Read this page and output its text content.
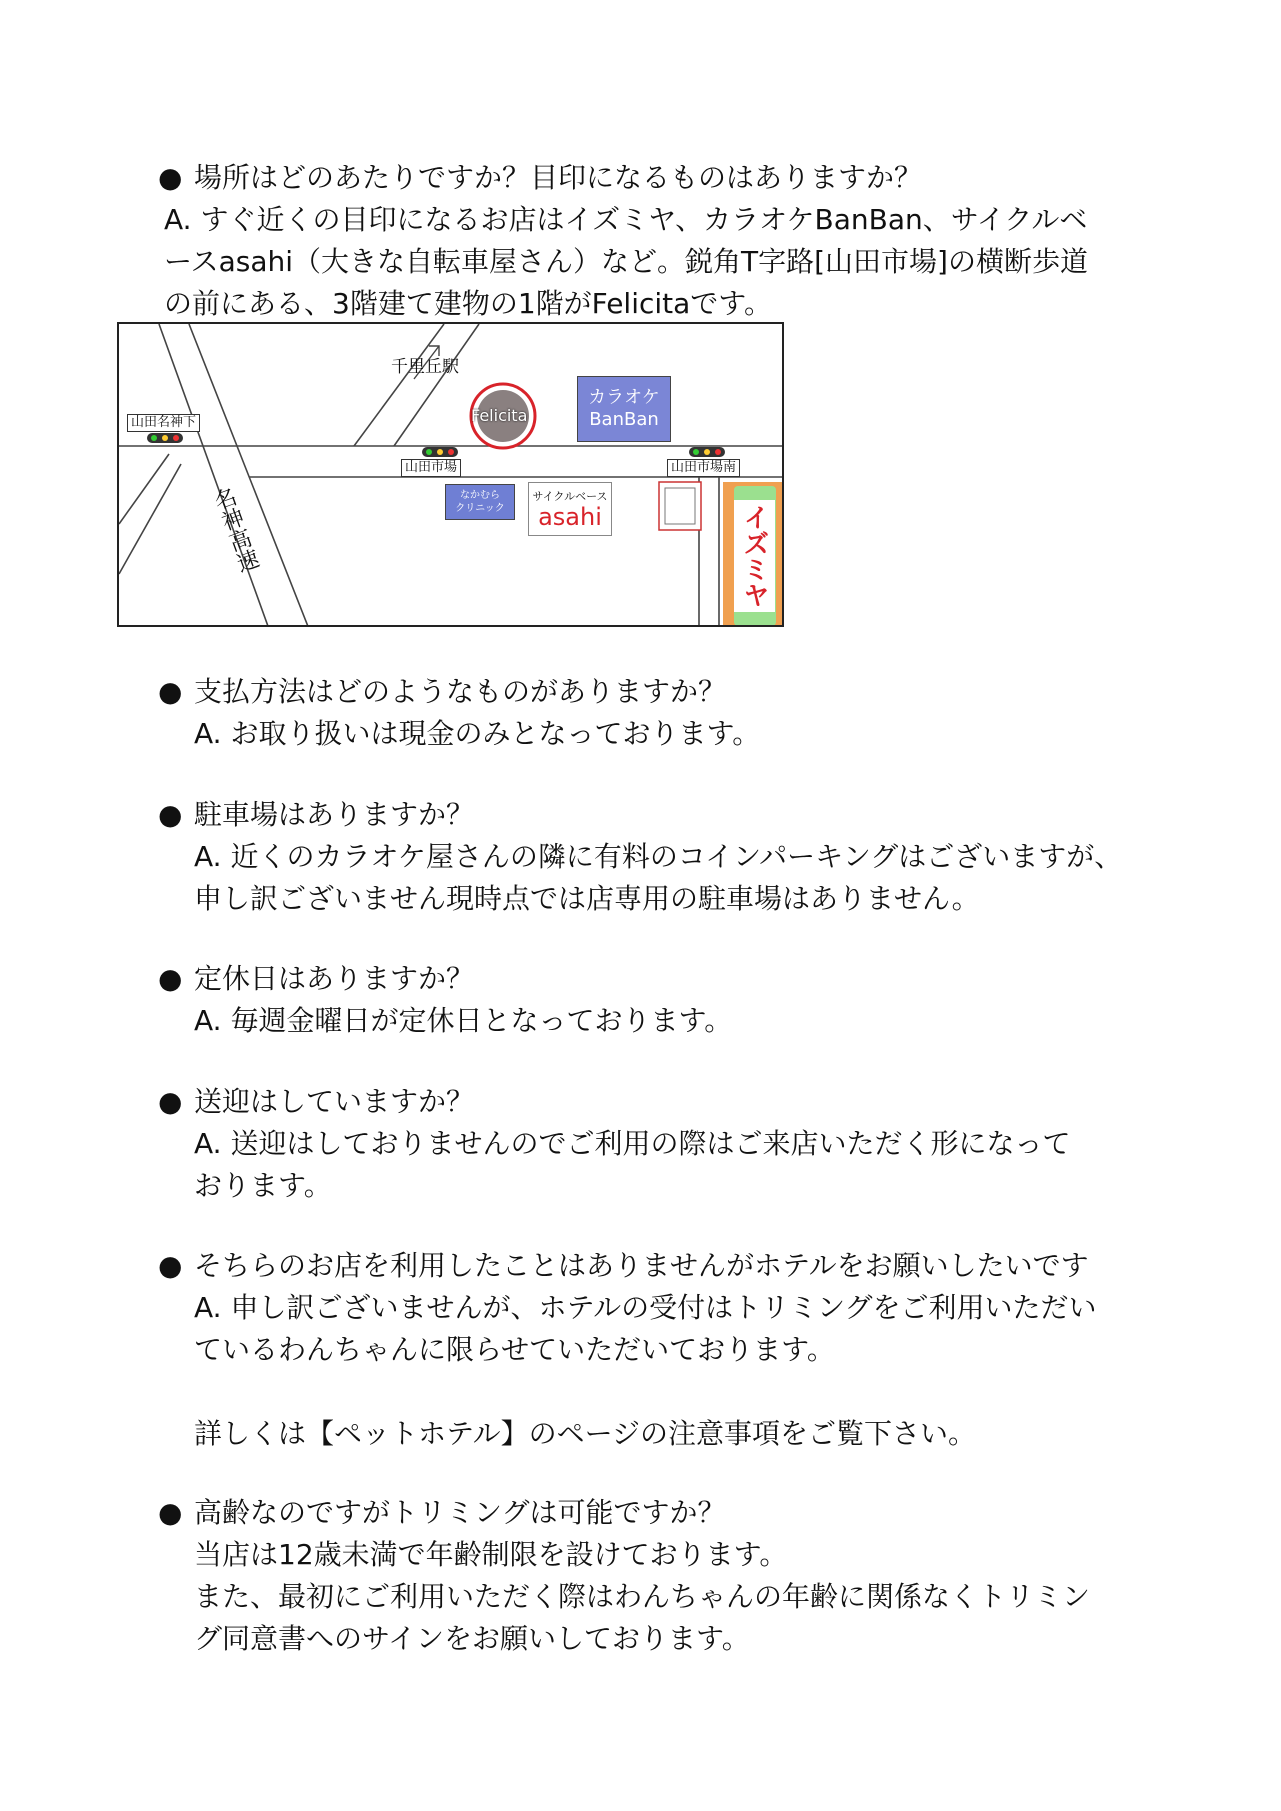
● 場所はどのあたりですか？目印になるものはありますか？
A. すぐ近くの目印になるお店はイズミヤ、カラオケBanBan、サイクルベ
ースasahi（大きな自転車屋さん）など。鋭角T字路[山田市場]の横断歩道
の前にある、3階建て建物の1階がFelicitaです。
千里丘駅
Felicita
カラオケ
BanBan
山田名神下
山田市場	山田市場南
名神高速	なかむら
クリニック
サイクルベース
asahi	イズミヤ
● 支払方法はどのようなものがありますか？
A. お取り扱いは現金のみとなっております。
● 駐車場はありますか？
A. 近くのカラオケ屋さんの隣に有料のコインパーキングはございますが、
申し訳ございません現時点では店専用の駐車場はありません。
● 定休日はありますか？
A. 毎週金曜日が定休日となっております。
● 送迎はしていますか？
A. 送迎はしておりませんのでご利用の際はご来店いただく形になって
おります。
● そちらのお店を利用したことはありませんがホテルをお願いしたいです
A. 申し訳ございませんが、ホテルの受付はトリミングをご利用いただい
ているわんちゃんに限らせていただいております。
詳しくは【ペットホテル】のページの注意事項をご覧下さい。
● 高齢なのですがトリミングは可能ですか？
当店は12歳未満で年齢制限を設けております。
また、最初にご利用いただく際はわんちゃんの年齢に関係なくトリミン
グ同意書へのサインをお願いしております。
